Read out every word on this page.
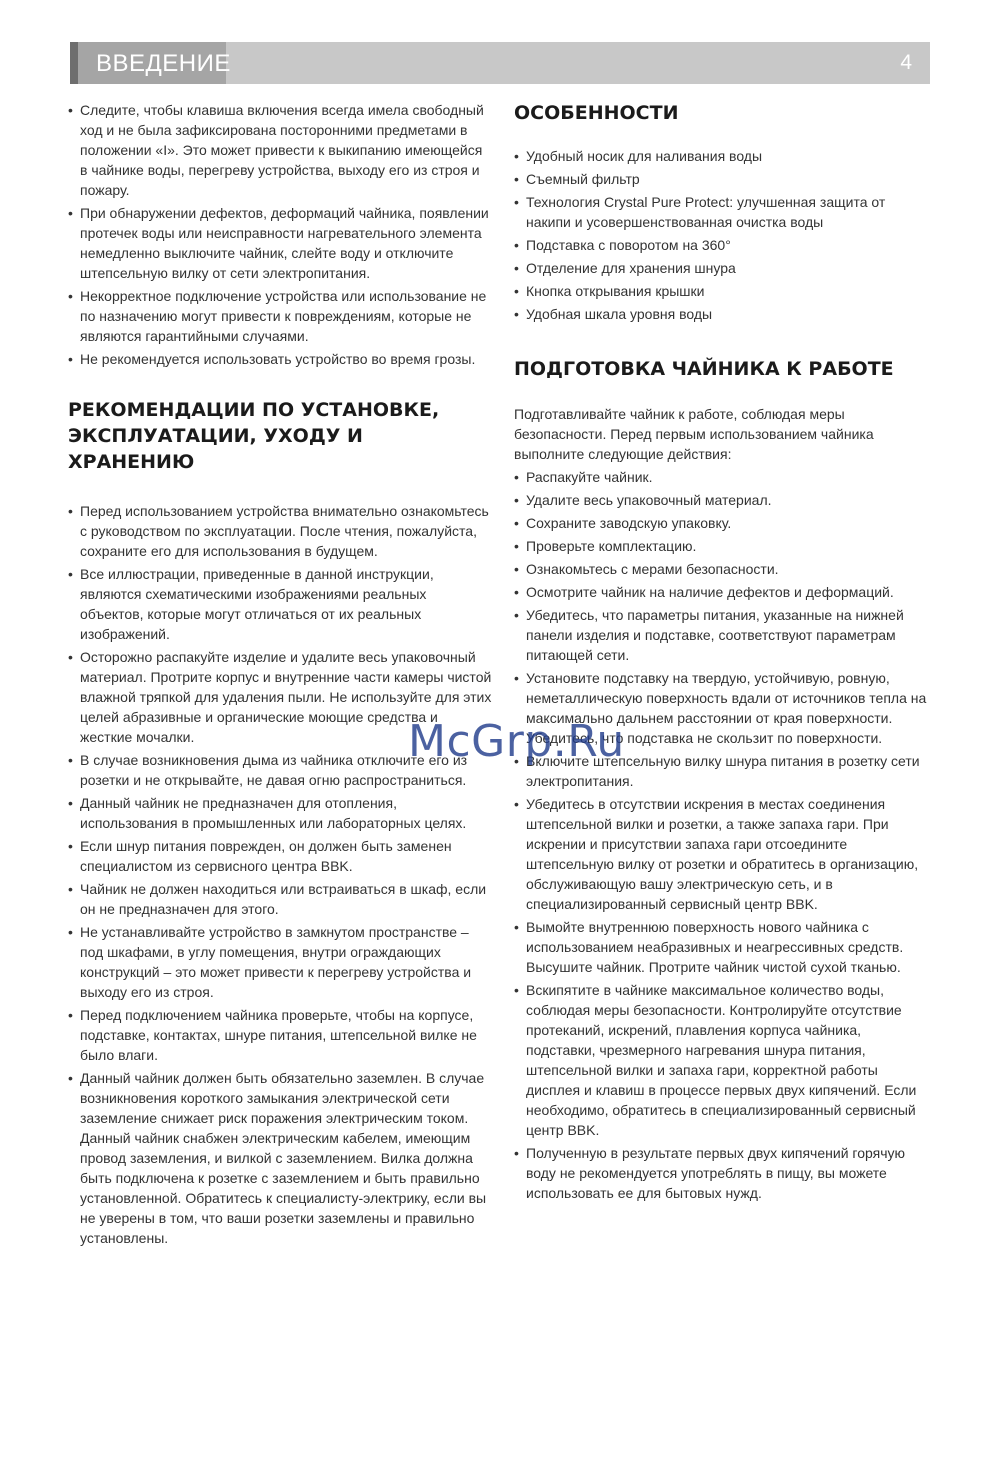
ВВЕДЕНИЕ	4
• Следите, чтобы клавиша включения всегда имела свободный ход и не была зафиксирована посторонними предметами в положении «I». Это может привести к выкипанию имеющейся в чайнике воды, перегреву устройства, выходу его из строя и пожару.
• При обнаружении дефектов, деформаций чайника, появлении протечек воды или неисправности нагревательного элемента немедленно выключите чайник, слейте воду и отключите штепсельную вилку от сети электропитания.
• Некорректное подключение устройства или использование не по назначению могут привести к повреждениям, которые не являются гарантийными случаями.
• Не рекомендуется использовать устройство во время грозы.
РЕКОМЕНДАЦИИ ПО УСТАНОВКЕ,
ЭКСПЛУАТАЦИИ, УХОДУ И ХРАНЕНИЮ
• Перед использованием устройства внимательно ознакомьтесь с руководством по эксплуатации. После чтения, пожалуйста, сохраните его для использования в будущем.
• Все иллюстрации, приведенные в данной инструкции, являются схематическими изображениями реальных объектов, которые могут отличаться от их реальных изображений.
• Осторожно распакуйте изделие и удалите весь упаковочный материал. Протрите корпус и внутренние части камеры чистой влажной тряпкой для удаления пыли. Не используйте для этих целей абразивные и органические моющие средства и жесткие мочалки.
• В случае возникновения дыма из чайника отключите его из розетки и не открывайте, не давая огню распространиться.
• Данный чайник не предназначен для отопления, использования в промышленных или лабораторных целях.
• Если шнур питания поврежден, он должен быть заменен специалистом из сервисного центра BBK.
• Чайник не должен находиться или встраиваться в шкаф, если он не предназначен для этого.
• Не устанавливайте устройство в замкнутом пространстве – под шкафами, в углу помещения, внутри ограждающих конструкций – это может привести к перегреву устройства и выходу его из строя.
• Перед подключением чайника проверьте, чтобы на корпусе, подставке, контактах, шнуре питания, штепсельной вилке не было влаги.
• Данный чайник должен быть обязательно заземлен. В случае возникновения короткого замыкания электрической сети заземление снижает риск поражения электрическим током. Данный чайник снабжен электрическим кабелем, имеющим провод заземления, и вилкой с заземлением. Вилка должна быть подключена к розетке с заземлением и быть правильно установленной. Обратитесь к специалисту-электрику, если вы не уверены в том, что ваши розетки заземлены и правильно установлены.
ОСОБЕННОСТИ
• Удобный носик для наливания воды
• Съемный фильтр
• Технология Crystal Pure Protect: улучшенная защита от накипи и усовершенствованная очистка воды
• Подставка с поворотом на 360°
• Отделение для хранения шнура
• Кнопка открывания крышки
• Удобная шкала уровня воды
ПОДГОТОВКА ЧАЙНИКА К РАБОТЕ

Подготавливайте чайник к работе, соблюдая меры безопасности. Перед первым использованием чайника выполните следующие действия:

• Распакуйте чайник.
• Удалите весь упаковочный материал.
• Сохраните заводскую упаковку.
• Проверьте комплектацию.
• Ознакомьтесь с мерами безопасности.
• Осмотрите чайник на наличие дефектов и деформаций.
• Убедитесь, что параметры питания, указанные на нижней панели изделия и подставке, соответствуют параметрам питающей сети.
• Установите подставку на твердую, устойчивую, ровную, неметаллическую поверхность вдали от источников тепла на максимально дальнем расстоянии от края поверхности. Убедитесь, что подставка не скользит по поверхности.
• Включите штепсельную вилку шнура питания в розетку сети электропитания.
• Убедитесь в отсутствии искрения в местах соединения штепсельной вилки и розетки, а также запаха гари. При искрении и присутствии запаха гари отсоедините штепсельную вилку от розетки и обратитесь в организацию, обслуживающую вашу электрическую сеть, и в специализированный сервисный центр BBK.
• Вымойте внутреннюю поверхность нового чайника с использованием неабразивных и неагрессивных средств. Высушите чайник. Протрите чайник чистой сухой тканью.
• Вскипятите в чайнике максимальное количество воды, соблюдая меры безопасности. Контролируйте отсутствие протеканий, искрений, плавления корпуса чайника, подставки, чрезмерного нагревания шнура питания, штепсельной вилки и запаха гари, корректной работы дисплея и клавиш в процессе первых двух кипячений. Если необходимо, обратитесь в специализированный сервисный центр BBK.
• Полученную в результате первых двух кипячений горячую воду не рекомендуется употреблять в пищу, вы можете использовать ее для бытовых нужд.
McGrp.Ru
